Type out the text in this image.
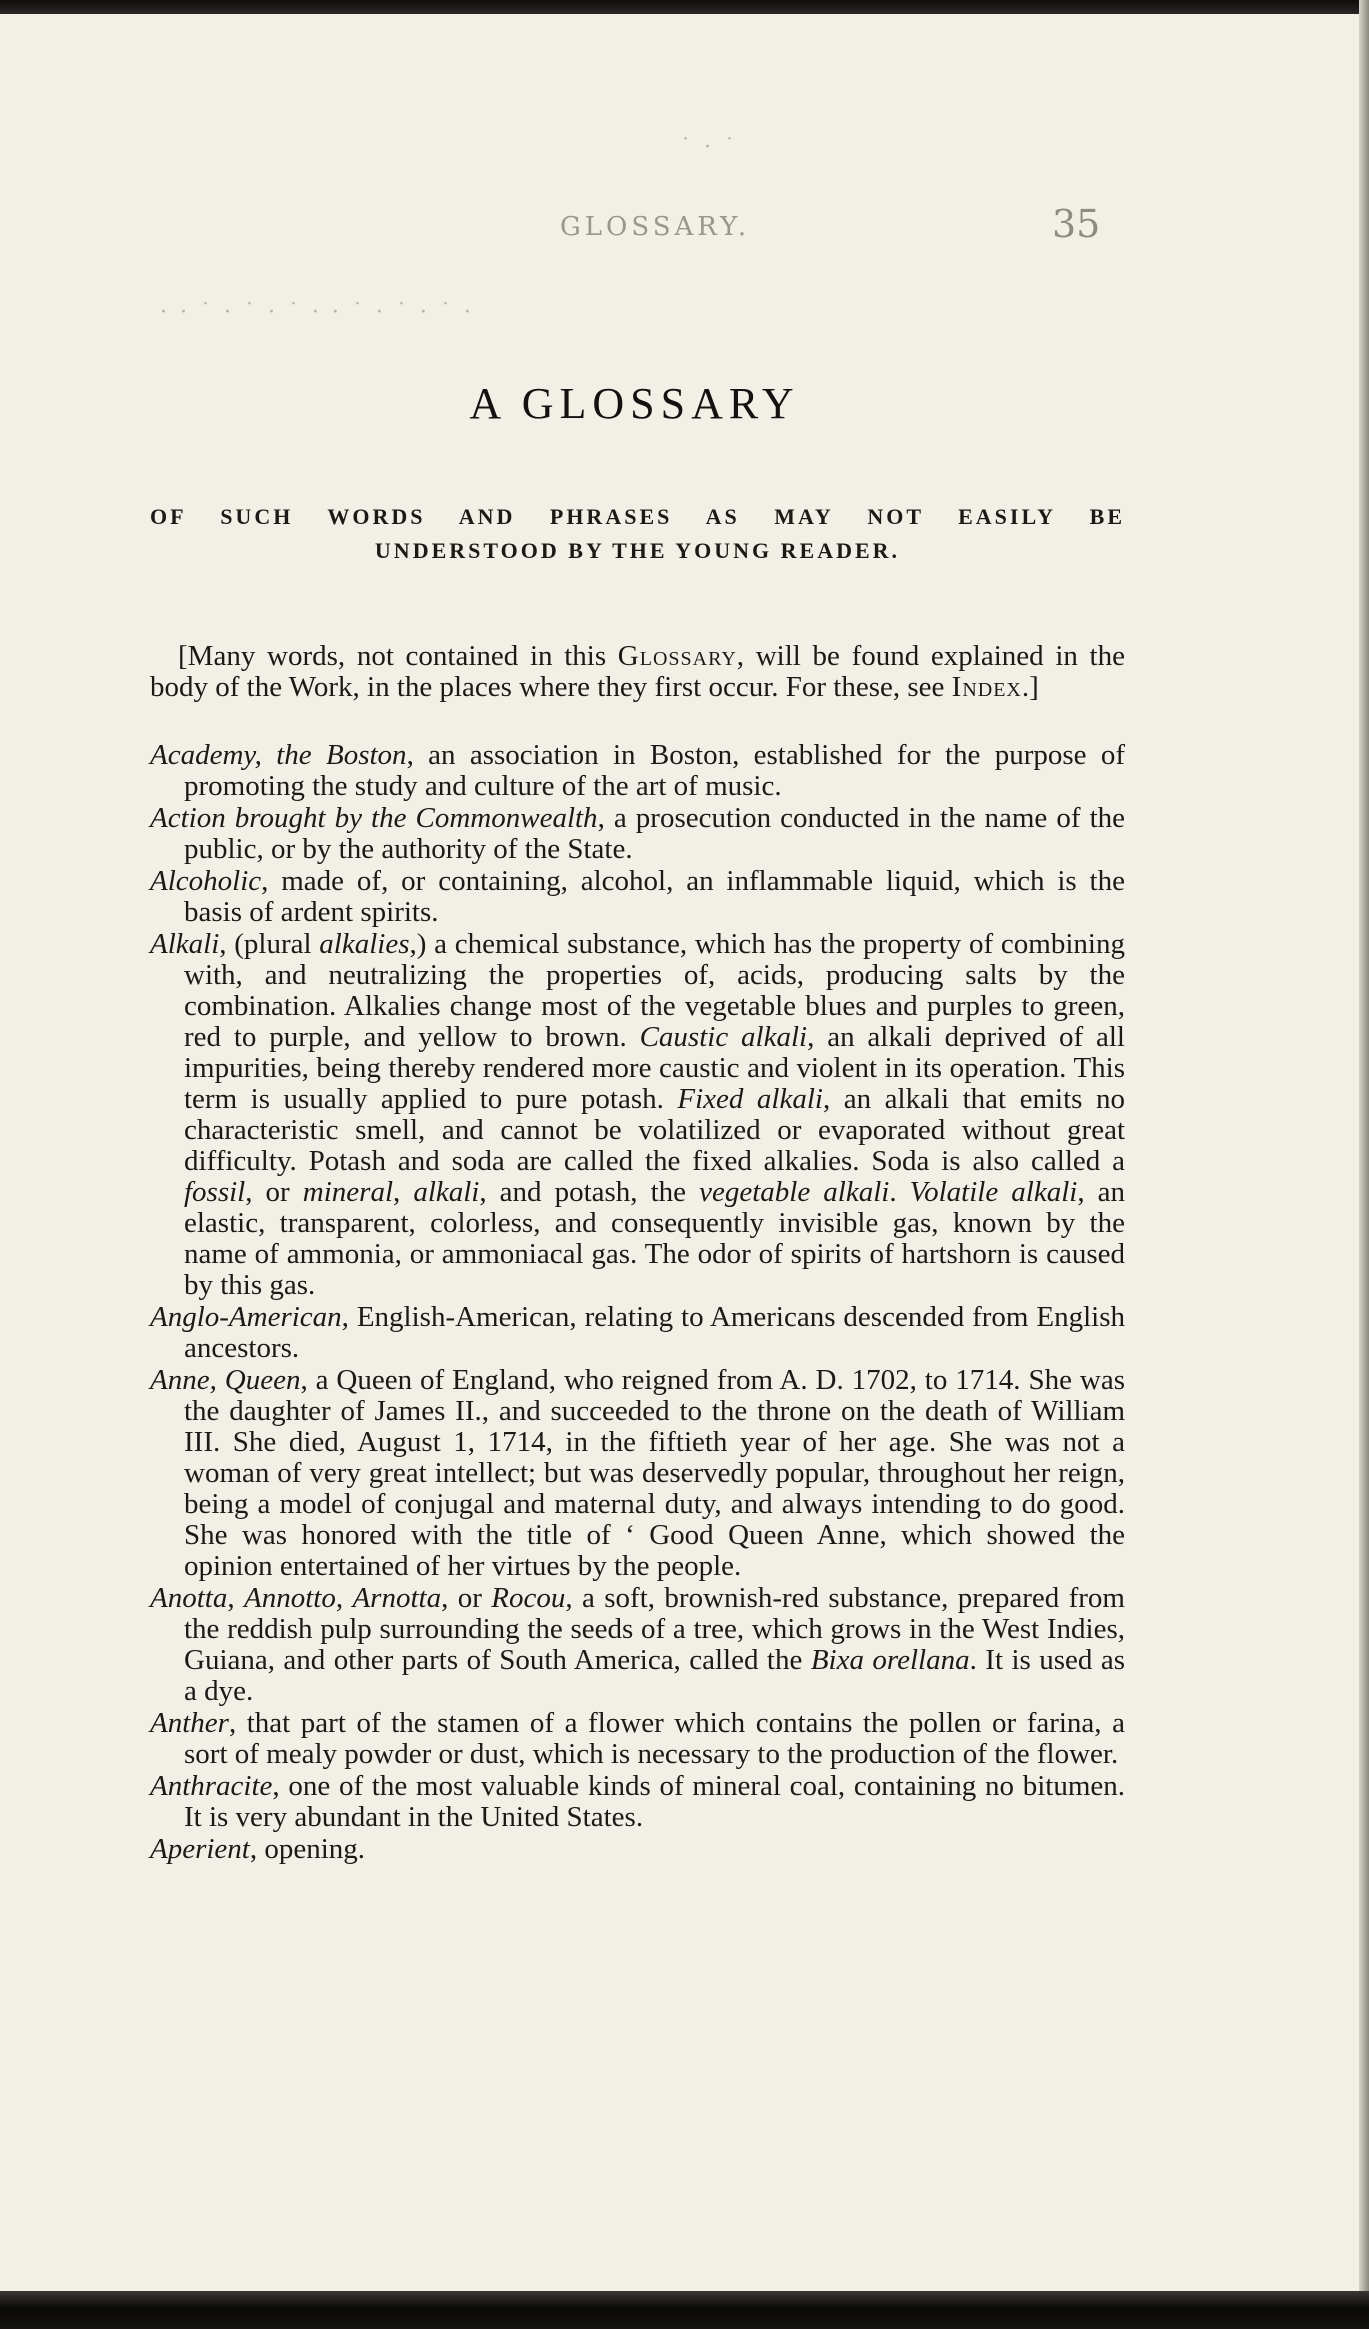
· · ˙ · ˙ · ˙ · · ˙ · ˙ · ˙ ·
˙ · ˙
GLOSSARY.	35
A GLOSSARY
OF SUCH WORDS AND PHRASES AS MAY NOT EASILY BE
UNDERSTOOD BY THE YOUNG READER.

[Many words, not contained in this Glossary, will be found explained in the body of the Work, in the places where they first occur. For these, see Index.]

Academy, the Boston, an association in Boston, established for the purpose of promoting the study and culture of the art of music.

Action brought by the Commonwealth, a prosecution conducted in the name of the public, or by the authority of the State.

Alcoholic, made of, or containing, alcohol, an inflammable liquid, which is the basis of ardent spirits.

Alkali, (plural alkalies,) a chemical substance, which has the property of combining with, and neutralizing the properties of, acids, producing salts by the combination. Alkalies change most of the vegetable blues and purples to green, red to purple, and yellow to brown. Caustic alkali, an alkali deprived of all impurities, being thereby rendered more caustic and violent in its operation. This term is usually applied to pure potash. Fixed alkali, an alkali that emits no characteristic smell, and cannot be volatilized or evaporated without great difficulty. Potash and soda are called the fixed alkalies. Soda is also called a fossil, or mineral, alkali, and potash, the vegetable alkali. Volatile alkali, an elastic, transparent, colorless, and consequently invisible gas, known by the name of ammonia, or ammoniacal gas. The odor of spirits of hartshorn is caused by this gas.

Anglo-American, English-American, relating to Americans descended from English ancestors.

Anne, Queen, a Queen of England, who reigned from A. D. 1702, to 1714. She was the daughter of James II., and succeeded to the throne on the death of William III. She died, August 1, 1714, in the fiftieth year of her age. She was not a woman of very great intellect; but was deservedly popular, throughout her reign, being a model of conjugal and maternal duty, and always intending to do good. She was honored with the title of ‘ Good Queen Anne, which showed the opinion entertained of her virtues by the people.

Anotta, Annotto, Arnotta, or Rocou, a soft, brownish-red substance, prepared from the reddish pulp surrounding the seeds of a tree, which grows in the West Indies, Guiana, and other parts of South America, called the Bixa orellana. It is used as a dye.

Anther, that part of the stamen of a flower which contains the pollen or farina, a sort of mealy powder or dust, which is necessary to the production of the flower.

Anthracite, one of the most valuable kinds of mineral coal, containing no bitumen. It is very abundant in the United States.

Aperient, opening.
